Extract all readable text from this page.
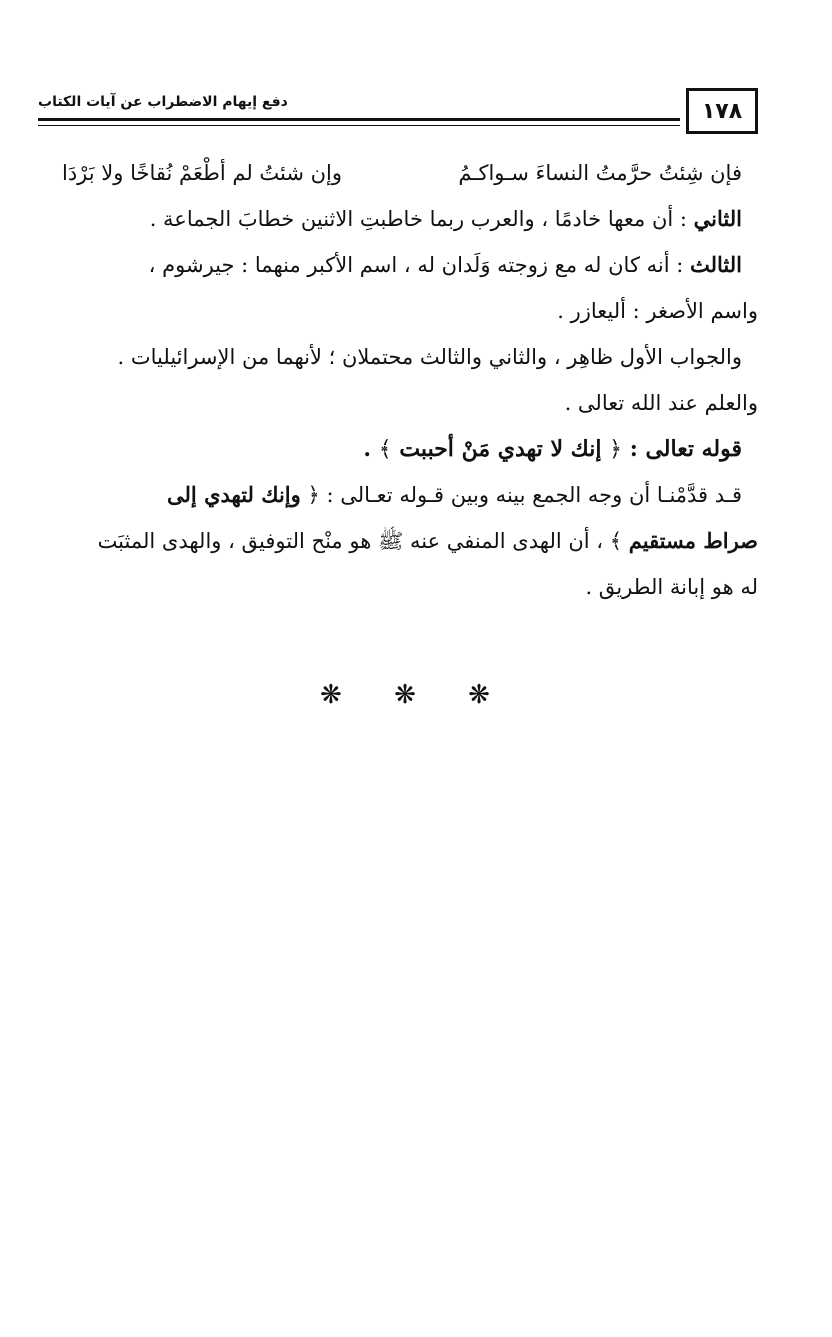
١٧٨
دفع إيهام الاضطراب عن آيات الكتاب
فإن شِئتُ حرَّمتُ النساءَ سـواكـمُ
وإن شئتُ لم أطْعَمْ نُقاخًا ولا بَرْدَا
الثاني : أن معها خادمًا ، والعرب ربما خاطبتِ الاثنين خطابَ الجماعة .
الثالث : أنه كان له مع زوجته وَلَدان له ، اسم الأكبر منهما : جيرشوم ،
واسم الأصغر : أليعازر .
والجواب الأول ظاهِر ، والثاني والثالث محتملان ؛ لأنهما من الإسرائيليات .
والعلم عند الله تعالى .
قوله تعالى : ﴿ إنك لا تهدي مَنْ أحببت ﴾ .
قـد قدَّمْنـا أن وجه الجمع بينه وبين قـوله تعـالى : ﴿ وإنك لتهدي إلى
صراط مستقيم ﴾ ، أن الهدى المنفي عنه ﷺ هو منْح التوفيق ، والهدى المثبَت
له هو إبانة الطريق .
❋ ❋ ❋
